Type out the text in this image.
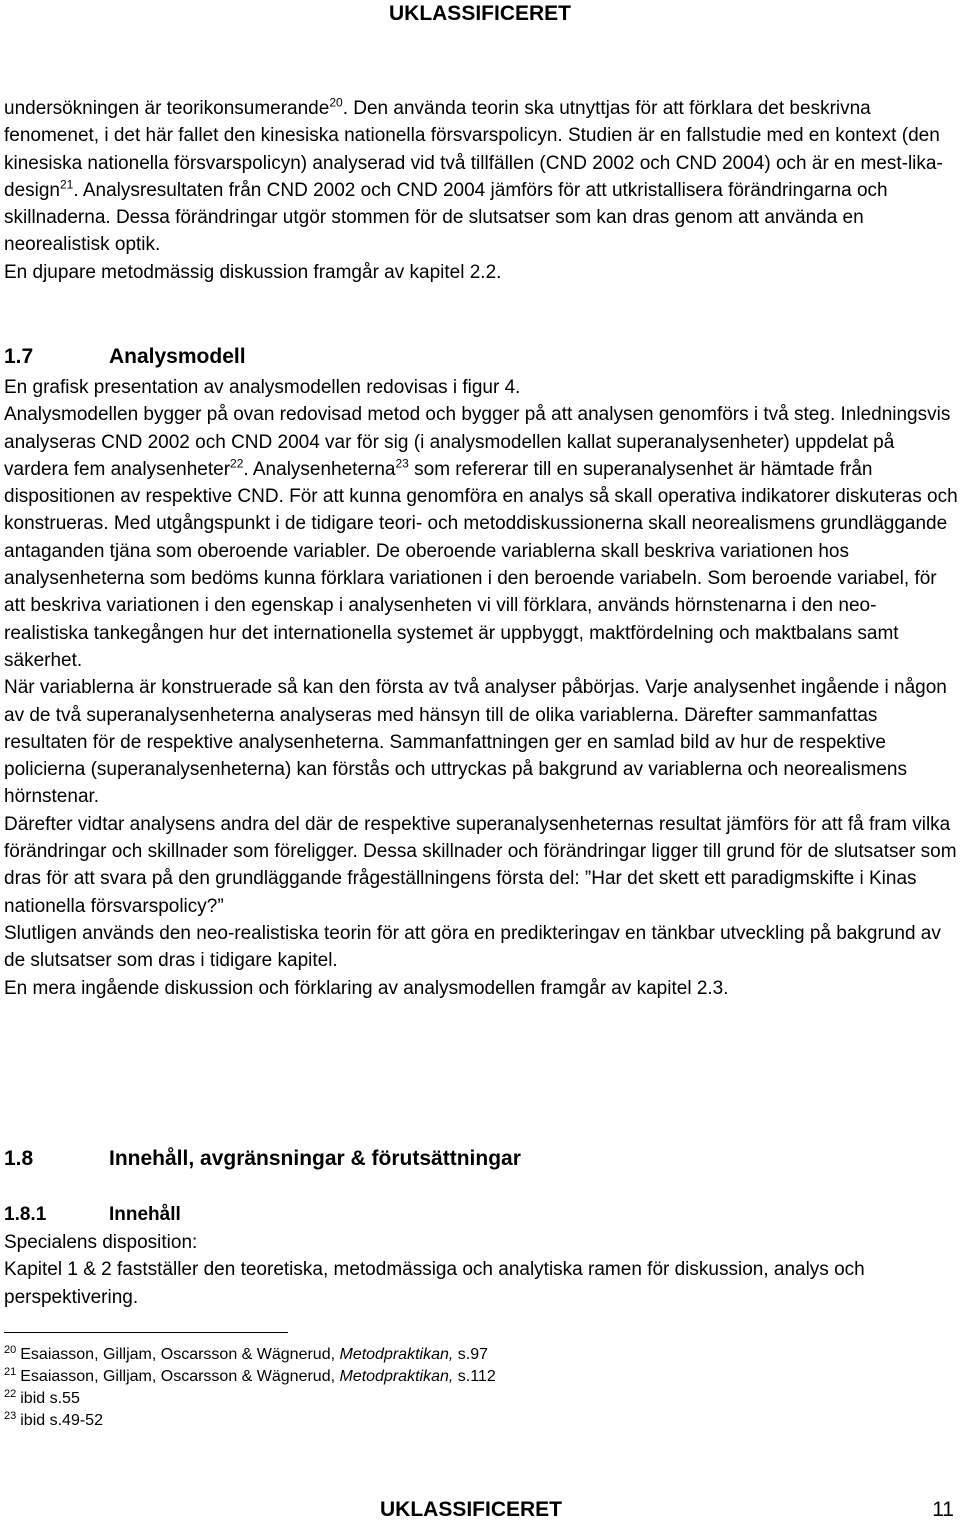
UKLASSIFICERET

undersökningen är teorikonsumerande$^{20}$. Den använda teorin ska utnyttjas för att förklara det beskrivna fenomenet, i det här fallet den kinesiska nationella försvarspolicyn. Studien är en fallstudie med en kontext (den kinesiska nationella försvarspolicyn) analyserad vid två tillfällen (CND 2002 och CND 2004) och är en mest-lika-design$^{21}$. Analysresultaten från CND 2002 och CND 2004 jämförs för att utkristallisera förändringarna och skillnaderna. Dessa förändringar utgör stommen för de slutsatser som kan dras genom att använda en neorealistisk optik.

En djupare metodmässig diskussion framgår av kapitel 2.2.

1.7	Analysmodell

En grafisk presentation av analysmodellen redovisas i figur 4.

Analysmodellen bygger på ovan redovisad metod och bygger på att analysen genomförs i två steg. Inledningsvis analyseras CND 2002 och CND 2004 var för sig (i analysmodellen kallat superanalysenheter) uppdelat på vardera fem analysenheter$^{22}$. Analysenheterna$^{23}$ som refererar till en superanalysenhet är hämtade från dispositionen av respektive CND. För att kunna genomföra en analys så skall operativa indikatorer diskuteras och konstrueras. Med utgångspunkt i de tidigare teori- och metoddiskussionerna skall neorealismens grundläggande antaganden tjäna som oberoende variabler. De oberoende variablerna skall beskriva variationen hos analysenheterna som bedöms kunna förklara variationen i den beroende variabeln. Som beroende variabel, för att beskriva variationen i den egenskap i analysenheten vi vill förklara, används hörnstenarna i den neo-realistiska tankegången hur det internationella systemet är uppbyggt, maktfördelning och maktbalans samt säkerhet.

När variablerna är konstruerade så kan den första av två analyser påbörjas. Varje analysenhet ingående i någon av de två superanalysenheterna analyseras med hänsyn till de olika variablerna. Därefter sammanfattas resultaten för de respektive analysenheterna. Sammanfattningen ger en samlad bild av hur de respektive policierna (superanalysenheterna) kan förstås och uttryckas på bakgrund av variablerna och neorealismens hörnstenar.

Därefter vidtar analysens andra del där de respektive superanalysenheternas resultat jämförs för att få fram vilka förändringar och skillnader som föreligger. Dessa skillnader och förändringar ligger till grund för de slutsatser som dras för att svara på den grundläggande frågeställningens första del: ”Har det skett ett paradigmskifte i Kinas nationella försvarspolicy?”

Slutligen används den neo-realistiska teorin för att göra en predikteringav en tänkbar utveckling på bakgrund av de slutsatser som dras i tidigare kapitel.

En mera ingående diskussion och förklaring av analysmodellen framgår av kapitel 2.3.

1.8	Innehåll, avgränsningar & förutsättningar
1.8.1	Innehåll

Specialens disposition:

Kapitel 1 & 2 fastställer den teoretiska, metodmässiga och analytiska ramen för diskussion, analys och perspektivering.

$^{20}$ Esaiasson, Gilljam, Oscarsson & Wägnerud, Metodpraktikan, s.97

$^{21}$ Esaiasson, Gilljam, Oscarsson & Wägnerud, Metodpraktikan, s.112

$^{22}$ ibid s.55

$^{23}$ ibid s.49-52

UKLASSIFICERET	11
